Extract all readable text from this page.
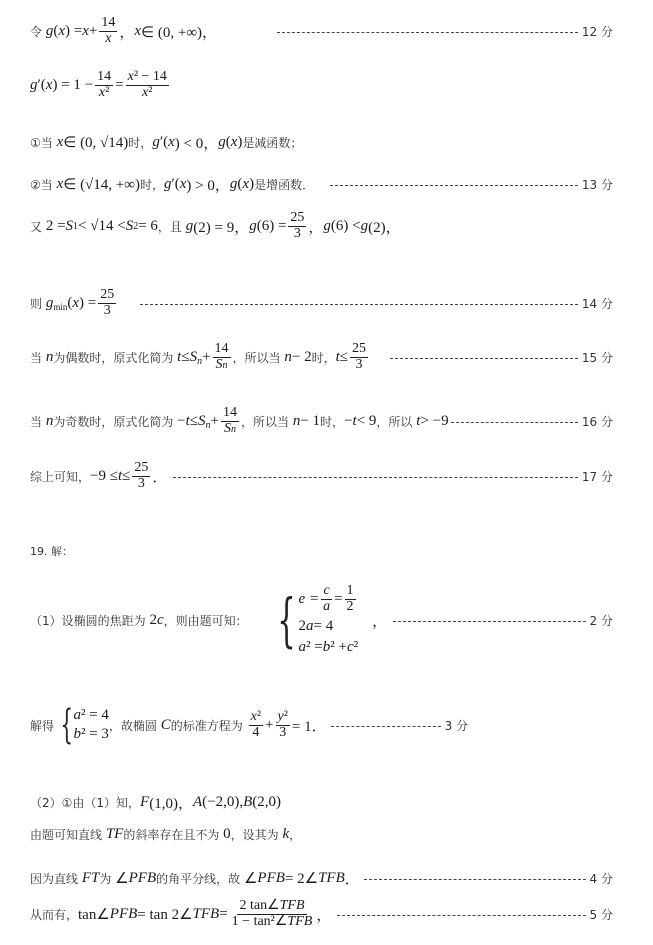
令 g ( x ) = $x + \frac{14}{x}$ ， x ∈ (0, +∞)，	12 分
g ′( x ) = $1 - \frac{14}{\text{x²}} = \frac{\text{x² − 14}}{\text{x²}}$
①当 x ∈ (0, √14) 时， g ′( x ) < 0， g ( x ) 是减函数；
②当 x ∈ (√14, +∞) 时， g ′( x ) > 0， g ( x ) 是增函数．	13 分
又 2 = S 1 < √14 < S 2 = 6 ，且 g (2) = 9， g $(6) = \frac{25}{3}$ ， g (6) < g (2)，
则 g min ( x ) = $\frac{25}{3}$	14 分
当 n 为偶数时，原式化简为 t ≤ S $n + \frac{14}{Sn}$ ，所以当 n − 2 时， $t \le \frac{25}{3}$	15 分
当 n 为奇数时，原式化简为 − t ≤ S $n + \frac{14}{Sn}$ ，所以当 n − 1 时， − t < 9 ，所以 t > −9	16 分
综上可知， $-9 \le t \le \frac{25}{3}$ ．	17 分
19. 解：
（1）设椭圆的焦距为 2 c ，则由题可知： { $e = \frac{c}{a} = \frac{1}{2}$
2 a = 4
a ² = b ² + c ²
，	2 分
解得 { a ² = 4
b ² = 3
，故椭圆 C 的标准方程为 $\frac{\text{x²}}{4} + \frac{\text{y²}}{3} = 1$．	3 分
（2）①由（1）知， F (1,0)， A (−2,0), B (2,0)
由题可知直线 TF 的斜率存在且不为 0 ，设其为 k ，
因为直线 FT 为 ∠ PFB 的角平分线，故 ∠ PFB = 2∠ TFB ．	4 分
从而有， tan∠ PFB = tan 2∠ TFB = $\frac{\text{2 tan∠TFB}}{\text{1 − tan²∠TFB}}$ ，	5 分
